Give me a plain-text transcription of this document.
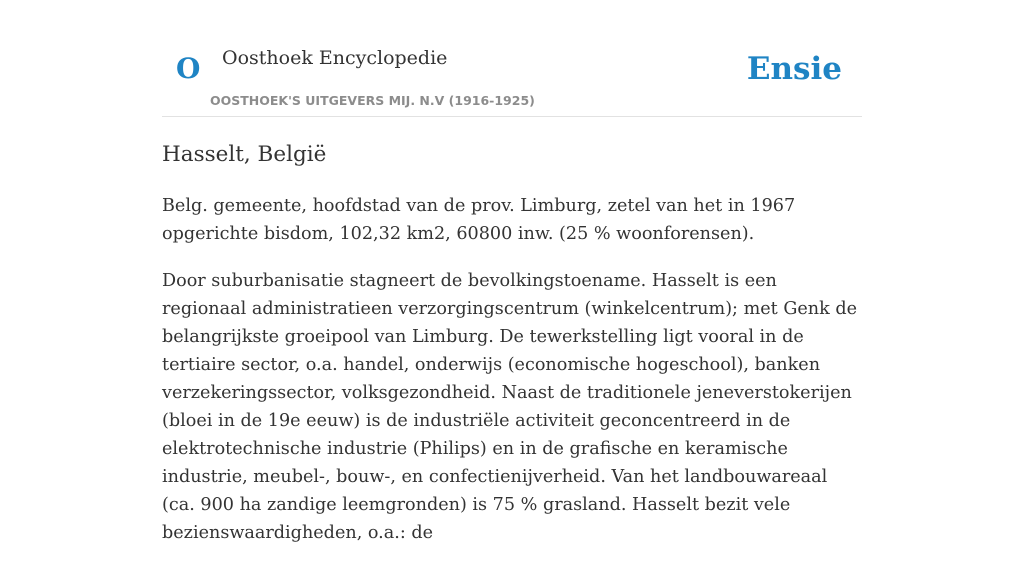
O Oosthoek Encyclopedie
OOSTHOEK'S UITGEVERS MIJ. N.V (1916-1925)
Ensie
Hasselt, België

Belg. gemeente, hoofdstad van de prov. Limburg, zetel van het in 1967 opgerichte bisdom, 102,32 km2, 60800 inw. (25 % woonforensen).

Door suburbanisatie stagneert de bevolkingstoename. Hasselt is een regionaal administratieen verzorgingscentrum (winkelcentrum); met Genk de belangrijkste groeipool van Limburg. De tewerkstelling ligt vooral in de tertiaire sector, o.a. handel, onderwijs (economische hogeschool), banken verzekeringssector, volksgezondheid. Naast de traditionele jeneverstokerijen (bloei in de 19e eeuw) is de industriële activiteit geconcentreerd in de elektrotechnische industrie (Philips) en in de grafische en keramische industrie, meubel-, bouw-, en confectienijverheid. Van het landbouwareaal (ca. 900 ha zandige leemgronden) is 75 % grasland. Hasselt bezit vele bezienswaardigheden, o.a.: de
